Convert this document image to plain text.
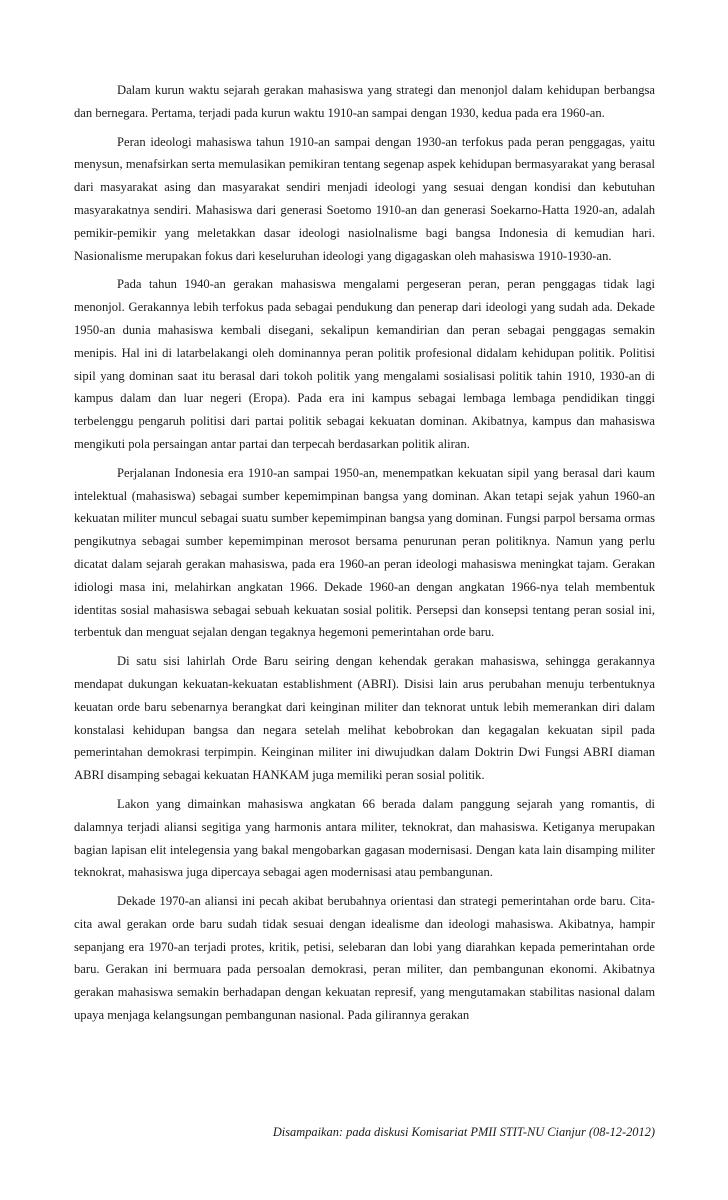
Dalam kurun waktu sejarah gerakan mahasiswa yang strategi dan menonjol dalam kehidupan berbangsa dan bernegara. Pertama, terjadi pada kurun waktu 1910-an sampai dengan 1930, kedua pada era 1960-an.

Peran ideologi mahasiswa tahun 1910-an sampai dengan 1930-an terfokus pada peran penggagas, yaitu menysun, menafsirkan serta memulasikan pemikiran tentang segenap aspek kehidupan bermasyarakat yang berasal dari masyarakat asing dan masyarakat sendiri menjadi ideologi yang sesuai dengan kondisi dan kebutuhan masyarakatnya sendiri. Mahasiswa dari generasi Soetomo 1910-an dan generasi Soekarno-Hatta 1920-an, adalah pemikir-pemikir yang meletakkan dasar ideologi nasiolnalisme bagi bangsa Indonesia di kemudian hari. Nasionalisme merupakan fokus dari keseluruhan ideologi yang digagaskan oleh mahasiswa 1910-1930-an.

Pada tahun 1940-an gerakan mahasiswa mengalami pergeseran peran, peran penggagas tidak lagi menonjol. Gerakannya lebih terfokus pada sebagai pendukung dan penerap dari ideologi yang sudah ada. Dekade 1950-an dunia mahasiswa kembali disegani, sekalipun kemandirian dan peran sebagai penggagas semakin menipis. Hal ini di latarbelakangi oleh dominannya peran politik profesional didalam kehidupan politik. Politisi sipil yang dominan saat itu berasal dari tokoh politik yang mengalami sosialisasi politik tahin 1910, 1930-an di kampus dalam dan luar negeri (Eropa). Pada era ini kampus sebagai lembaga lembaga pendidikan tinggi terbelenggu pengaruh politisi dari partai politik sebagai kekuatan dominan. Akibatnya, kampus dan mahasiswa mengikuti pola persaingan antar partai dan terpecah berdasarkan politik aliran.

Perjalanan Indonesia era 1910-an sampai 1950-an, menempatkan kekuatan sipil yang berasal dari kaum intelektual (mahasiswa) sebagai sumber kepemimpinan bangsa yang dominan. Akan tetapi sejak yahun 1960-an kekuatan militer muncul sebagai suatu sumber kepemimpinan bangsa yang dominan. Fungsi parpol bersama ormas pengikutnya sebagai sumber kepemimpinan merosot bersama penurunan peran politiknya. Namun yang perlu dicatat dalam sejarah gerakan mahasiswa, pada era 1960-an peran ideologi mahasiswa meningkat tajam. Gerakan idiologi masa ini, melahirkan angkatan 1966. Dekade 1960-an dengan angkatan 1966-nya telah membentuk identitas sosial mahasiswa sebagai sebuah kekuatan sosial politik. Persepsi dan konsepsi tentang peran sosial ini, terbentuk dan menguat sejalan dengan tegaknya hegemoni pemerintahan orde baru.

Di satu sisi lahirlah Orde Baru seiring dengan kehendak gerakan mahasiswa, sehingga gerakannya mendapat dukungan kekuatan-kekuatan establishment (ABRI). Disisi lain arus perubahan menuju terbentuknya keuatan orde baru sebenarnya berangkat dari keinginan militer dan teknorat untuk lebih memerankan diri dalam konstalasi kehidupan bangsa dan negara setelah melihat kebobrokan dan kegagalan kekuatan sipil pada pemerintahan demokrasi terpimpin. Keinginan militer ini diwujudkan dalam Doktrin Dwi Fungsi ABRI diaman ABRI disamping sebagai kekuatan HANKAM juga memiliki peran sosial politik.

Lakon yang dimainkan mahasiswa angkatan 66 berada dalam panggung sejarah yang romantis, di dalamnya terjadi aliansi segitiga yang harmonis antara militer, teknokrat, dan mahasiswa. Ketiganya merupakan bagian lapisan elit intelegensia yang bakal mengobarkan gagasan modernisasi. Dengan kata lain disamping militer teknokrat, mahasiswa juga dipercaya sebagai agen modernisasi atau pembangunan.

Dekade 1970-an aliansi ini pecah akibat berubahnya orientasi dan strategi pemerintahan orde baru. Cita-cita awal gerakan orde baru sudah tidak sesuai dengan idealisme dan ideologi mahasiswa. Akibatnya, hampir sepanjang era 1970-an terjadi protes, kritik, petisi, selebaran dan lobi yang diarahkan kepada pemerintahan orde baru. Gerakan ini bermuara pada persoalan demokrasi, peran militer, dan pembangunan ekonomi. Akibatnya gerakan mahasiswa semakin berhadapan dengan kekuatan represif, yang mengutamakan stabilitas nasional dalam upaya menjaga kelangsungan pembangunan nasional. Pada gilirannya gerakan

Disampaikan: pada diskusi Komisariat PMII STIT-NU Cianjur (08-12-2012)
